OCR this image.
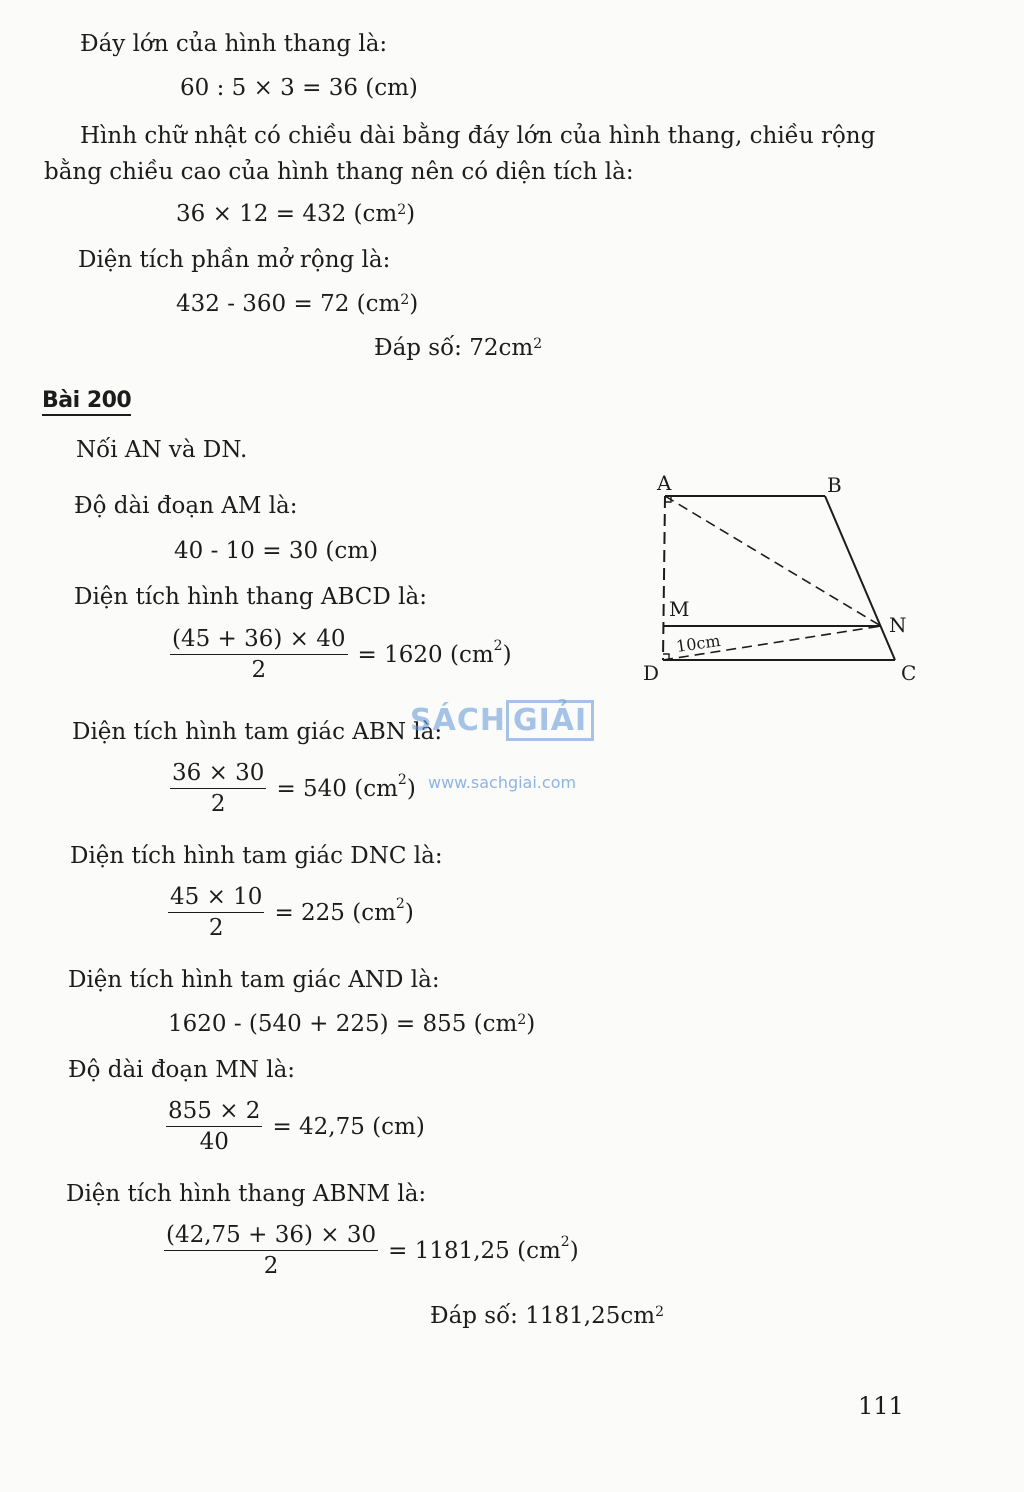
Đáy lớn của hình thang là:
60 : 5 × 3 = 36 (cm)
Hình chữ nhật có chiều dài bằng đáy lớn của hình thang, chiều rộng
bằng chiều cao của hình thang nên có diện tích là:
36 × 12 = 432 $(cm^2)$
Diện tích phần mở rộng là:
432 - 360 = 72 $(cm^2)$
Đáp số: $72cm^2$
Bài 200
Nối AN và DN.
Độ dài đoạn AM là:
40 - 10 = 30 (cm)
Diện tích hình thang ABCD là:
$\frac{(45 + 36) \times 40}{2} = 1620$ $(cm^2)$
Diện tích hình tam giác ABN là:
$\frac{36 \times 30}{2} = 540$ $(cm^2)$
Diện tích hình tam giác DNC là:
$\frac{45 \times 10}{2} = 225$ $(cm^2)$
Diện tích hình tam giác AND là:
1620 - (540 + 225) = 855 $(cm^2)$
Độ dài đoạn MN là:
$\frac{855 \times 2}{40} = 42,75$ (cm)
Diện tích hình thang ABNM là:
$\frac{(42,75 + 36) \times 30}{2} = 1181,25$ $(cm^2)$
Đáp số: $1181,25cm^2$
A	B
C
D
M
N
10cm
SÁCH GIẢI
www.sachgiai.com
111
